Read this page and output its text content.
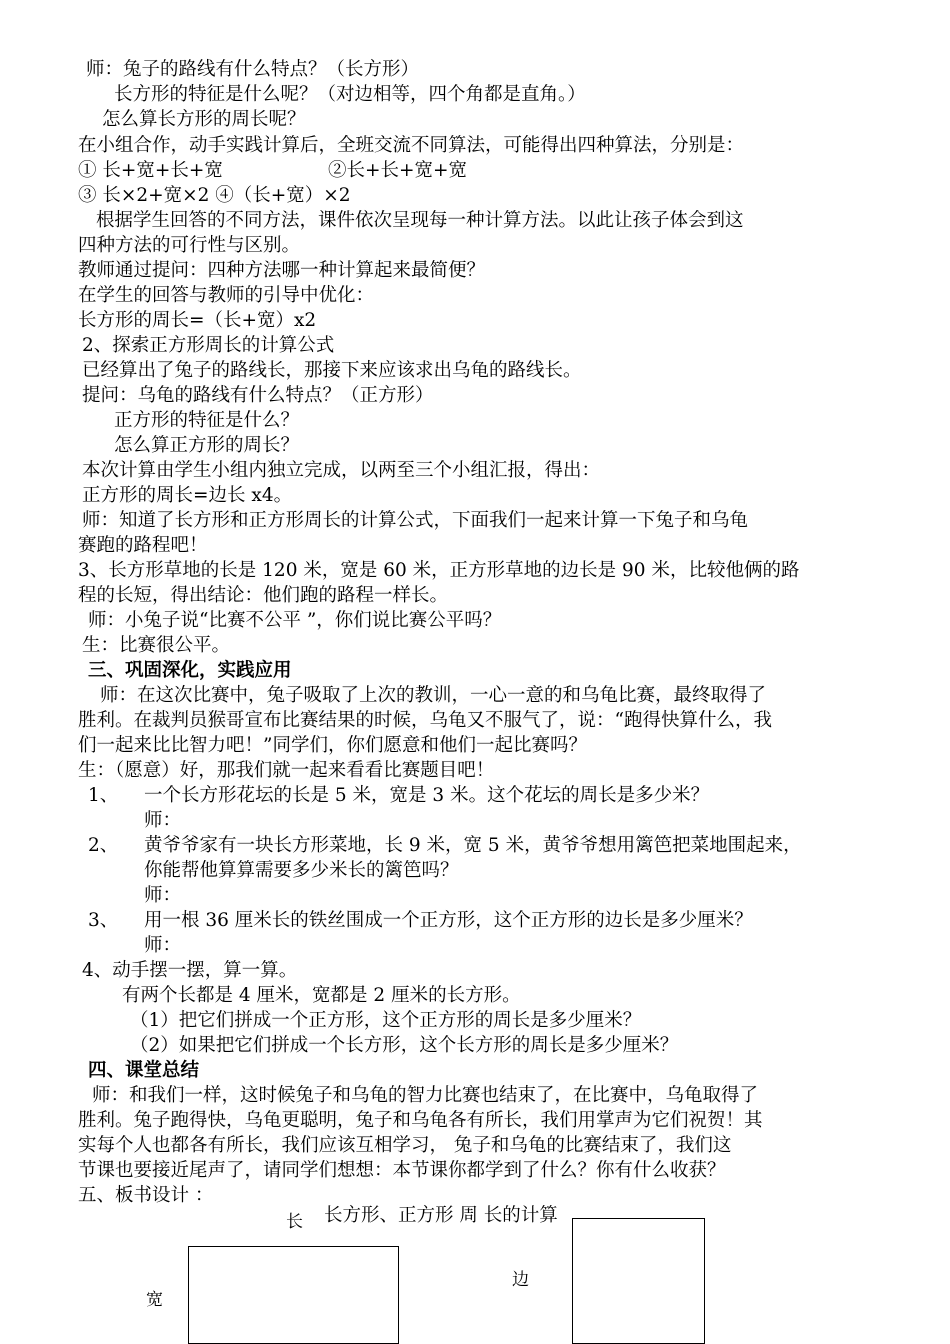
师：兔子的路线有什么特点？（长方形）
长方形的特征是什么呢？（对边相等，四个角都是直角。）
怎么算长方形的周长呢？
在小组合作，动手实践计算后，全班交流不同算法，可能得出四种算法，分别是：
① 长+宽+长+宽	②长+长+宽+宽
③ 长×2+宽×2 ④（长+宽）×2
根据学生回答的不同方法，课件依次呈现每一种计算方法。以此让孩子体会到这
四种方法的可行性与区别。
教师通过提问：四种方法哪一种计算起来最简便？
在学生的回答与教师的引导中优化：
长方形的周长=（长+宽）x2
2、探索正方形周长的计算公式
已经算出了兔子的路线长，那接下来应该求出乌龟的路线长。
提问：乌龟的路线有什么特点？（正方形）
正方形的特征是什么？
怎么算正方形的周长？
本次计算由学生小组内独立完成，以两至三个小组汇报，得出：
正方形的周长=边长 x4。
师：知道了长方形和正方形周长的计算公式，下面我们一起来计算一下兔子和乌龟
赛跑的路程吧！
3、长方形草地的长是 120 米，宽是 60 米，正方形草地的边长是 90 米，比较他俩的路
程的长短，得出结论：他们跑的路程一样长。
师：小兔子说“比赛不公平 ”，你们说比赛公平吗？
生：比赛很公平。
三、巩固深化，实践应用
师：在这次比赛中，兔子吸取了上次的教训，一心一意的和乌龟比赛，最终取得了
胜利。在裁判员猴哥宣布比赛结果的时候，乌龟又不服气了，说：“跑得快算什么，我
们一起来比比智力吧！”同学们，你们愿意和他们一起比赛吗？
生：（愿意）好，那我们就一起来看看比赛题目吧！
1、 一个长方形花坛的长是 5 米，宽是 3 米。这个花坛的周长是多少米？
师：
2、 黄爷爷家有一块长方形菜地，长 9 米，宽 5 米，黄爷爷想用篱笆把菜地围起来，
你能帮他算算需要多少米长的篱笆吗？
师：
3、 用一根 36 厘米长的铁丝围成一个正方形，这个正方形的边长是多少厘米？
师：
4、动手摆一摆，算一算。
有两个长都是 4 厘米，宽都是 2 厘米的长方形。
（1）把它们拼成一个正方形，这个正方形的周长是多少厘米？
（2）如果把它们拼成一个长方形，这个长方形的周长是多少厘米？
四、课堂总结
师：和我们一样，这时候兔子和乌龟的智力比赛也结束了，在比赛中，乌龟取得了
胜利。兔子跑得快，乌龟更聪明，兔子和乌龟各有所长，我们用掌声为它们祝贺！其
实每个人也都各有所长，我们应该互相学习， 兔子和乌龟的比赛结束了，我们这
节课也要接近尾声了，请同学们想想：本节课你都学到了什么？你有什么收获？
五、板书设计 ：
长方形、正方形 周 长的计算
长
宽
边
